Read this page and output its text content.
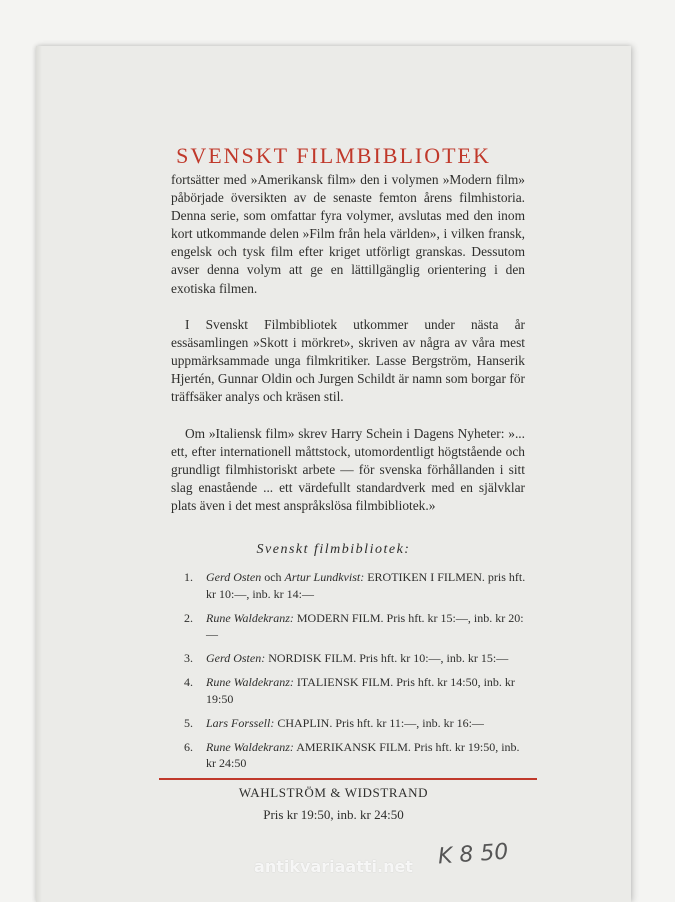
SVENSKT FILMBIBLIOTEK

fortsätter med »Amerikansk film» den i volymen »Modern film» påbörjade översikten av de senaste femton årens filmhistoria. Denna serie, som omfattar fyra volymer, avslutas med den inom kort utkommande delen »Film från hela världen», i vilken fransk, engelsk och tysk film efter kriget utförligt granskas. Dessutom avser denna volym att ge en lättillgänglig orientering i den exotiska filmen.

I Svenskt Filmbibliotek utkommer under nästa år essäsamlingen »Skott i mörkret», skriven av några av våra mest uppmärksammade unga filmkritiker. Lasse Bergström, Hanserik Hjertén, Gunnar Oldin och Jurgen Schildt är namn som borgar för träffsäker analys och kräsen stil.

Om »Italiensk film» skrev Harry Schein i Dagens Nyheter: »... ett, efter internationell måttstock, utomordentligt högtstående och grundligt filmhistoriskt arbete — för svenska förhållanden i sitt slag enastående ... ett värdefullt standardverk med en självklar plats även i det mest anspråkslösa filmbibliotek.»

Svenskt filmbibliotek:
1. Gerd Osten och Artur Lundkvist: EROTIKEN I FILMEN. pris hft. kr 10:—, inb. kr 14:—
2. Rune Waldekranz: MODERN FILM. Pris hft. kr 15:—, inb. kr 20:—
3. Gerd Osten: NORDISK FILM. Pris hft. kr 10:—, inb. kr 15:—
4. Rune Waldekranz: ITALIENSK FILM. Pris hft. kr 14:50, inb. kr 19:50
5. Lars Forssell: CHAPLIN. Pris hft. kr 11:—, inb. kr 16:—
6. Rune Waldekranz: AMERIKANSK FILM. Pris hft. kr 19:50, inb. kr 24:50
WAHLSTRÖM & WIDSTRAND
Pris kr 19:50, inb. kr 24:50
antikvariaatti.net	K 8 50
